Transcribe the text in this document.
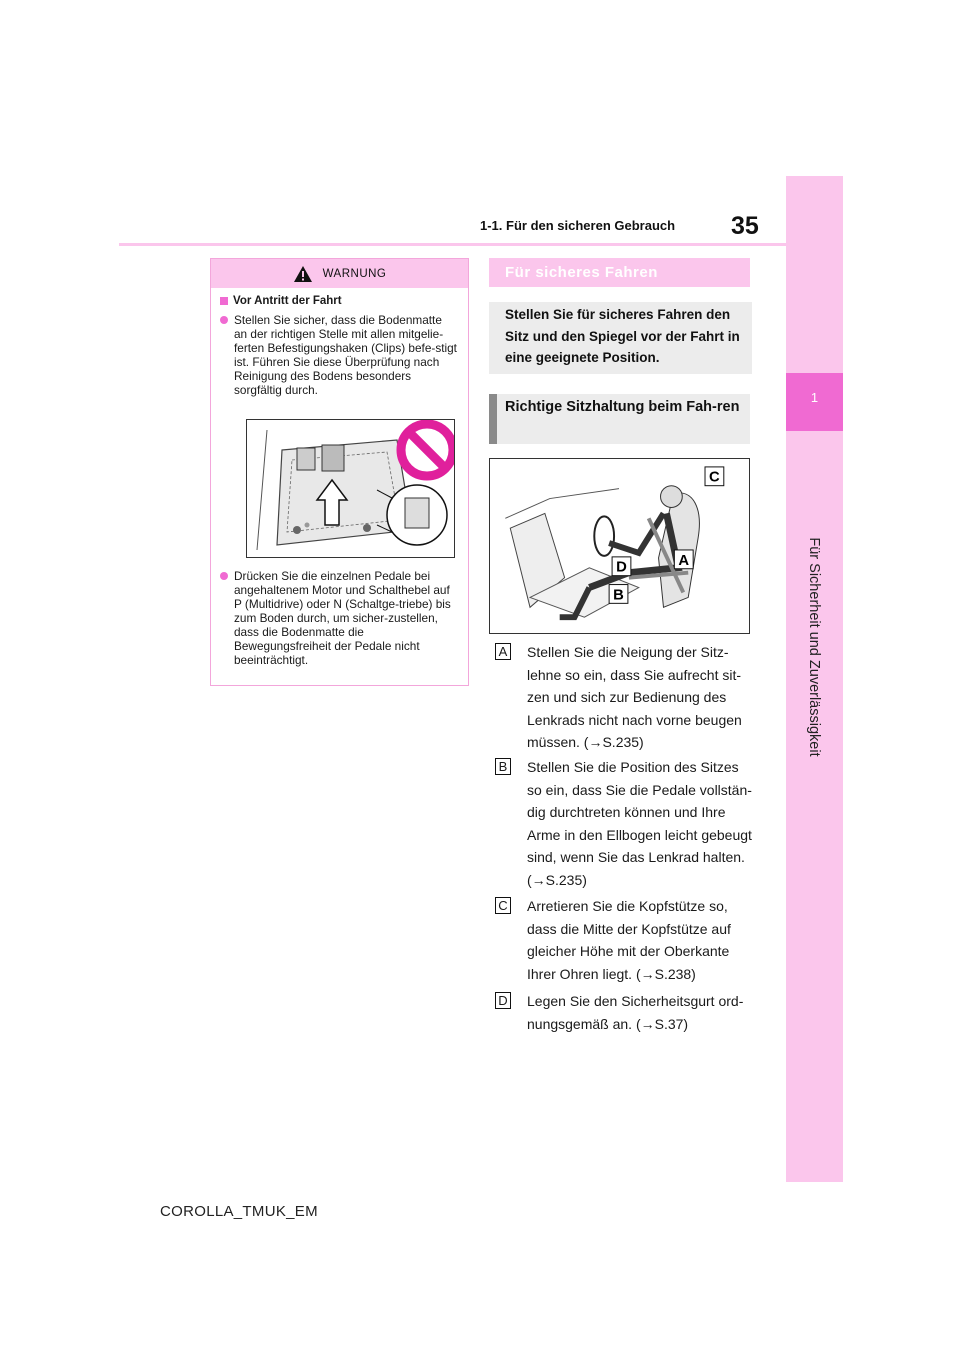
35
1-1. Für den sicheren Gebrauch
1
Für Sicherheit und Zuverlässigkeit
WARNUNG
Vor Antritt der Fahrt
Stellen Sie sicher, dass die Bodenmatte an der richtigen Stelle mit allen mitgelie-ferten Befestigungshaken (Clips) befe-stigt ist. Führen Sie diese Überprüfung nach Reinigung des Bodens besonders sorgfältig durch.
Drücken Sie die einzelnen Pedale bei angehaltenem Motor und Schalthebel auf P (Multidrive) oder N (Schaltge-triebe) bis zum Boden durch, um sicher-zustellen, dass die Bodenmatte die Bewegungsfreiheit der Pedale nicht beeinträchtigt.
Für sicheres Fahren
Stellen Sie für sicheres Fahren den Sitz und den Spiegel vor der Fahrt in eine geeignete Position.
Richtige Sitzhaltung beim Fah-ren
C
A
D
B
A Stellen Sie die Neigung der Sitz-
lehne so ein, dass Sie aufrecht sit-
zen und sich zur Bedienung des
Lenkrads nicht nach vorne beugen
müssen. (→S.235)
B Stellen Sie die Position des Sitzes
so ein, dass Sie die Pedale vollstän-
dig durchtreten können und Ihre
Arme in den Ellbogen leicht gebeugt
sind, wenn Sie das Lenkrad halten.
(→S.235)
C Arretieren Sie die Kopfstütze so,
dass die Mitte der Kopfstütze auf
gleicher Höhe mit der Oberkante
Ihrer Ohren liegt. (→S.238)
D Legen Sie den Sicherheitsgurt ord-
nungsgemäß an. (→S.37)
COROLLA_TMUK_EM
